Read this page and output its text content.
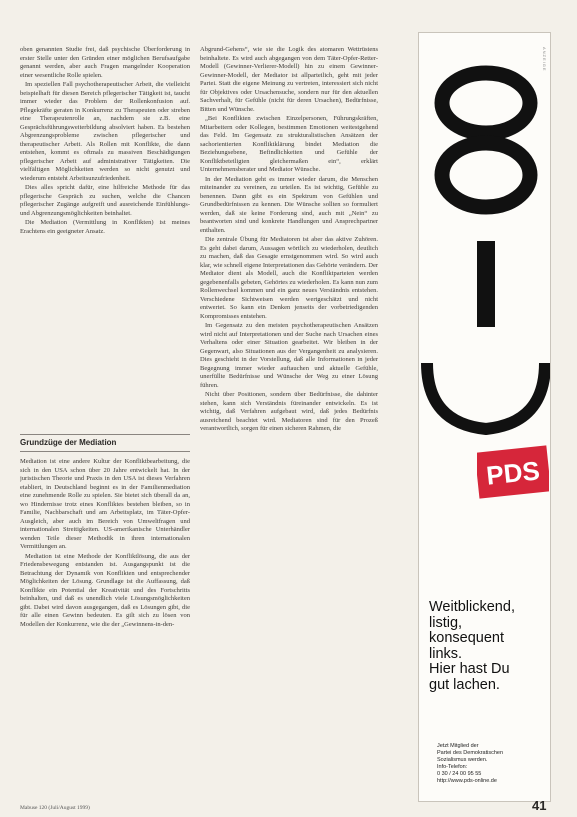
oben genannten Studie frei, daß psychische Überforderung in erster Stelle unter den Gründen einer möglichen Berufsaufgabe genannt werden, aber auch Fragen mangelnder Kooperation einer wesentliche Rolle spielen.

Im speziellen Fall psychotherapeutischer Arbeit, die vielleicht beispielhaft für diesen Bereich pflegerischer Tätigkeit ist, taucht immer wieder das Problem der Rollenkonfusion auf. Pflegekräfte geraten in Konkurrenz zu Therapeuten oder streben eine Therapeutenrolle an, nachdem sie z.B. eine Gesprächsführungsweiterbildung absolviert haben. Es bestehen Abgrenzungsprobleme zwischen pflegerischer und therapeutischer Arbeit. Als Rollen mit Konflikte, die dann entstehen, kommt es oftmals zu massiven Beschädigungen pflegerischer Arbeit auf administrativer Tätigkeiten. Die vielfältigen Möglichkeiten werden so nicht genutzt und wiederum entsteht Arbeitsunzufriedenheit.

Dies alles spricht dafür, eine hilfreiche Methode für das pflegerische Gespräch zu suchen, welche die Chancen pflegerischer Zugänge aufgreift und ausreichende Einfühlungs- und Abgrenzungsmöglichkeiten beinhaltet.

Die Mediation (Vermittlung in Konflikten) ist meines Erachtens ein geeigneter Ansatz.

Grundzüge der Mediation

Mediation ist eine andere Kultur der Konfliktbearbeitung, die sich in den USA schon über 20 Jahre entwickelt hat. In der juristischen Theorie und Praxis in den USA ist dieses Verfahren etabliert, in Deutschland beginnt es in der Familienmediation eine zunehmende Rolle zu spielen. Sie bietet sich überall da an, wo Hindernisse trotz eines Konfliktes bestehen bleiben, so in Familie, Nachbarschaft und am Arbeitsplatz, im Täter-Opfer-Ausgleich, aber auch im Bereich von Umweltfragen und internationalen Streitigkeiten. US-amerikanische Unterhändler wenden Teile dieser Methodik in ihren internationalen Vermittlungen an.

Mediation ist eine Methode der Konfliktlösung, die aus der Friedensbewegung entstanden ist. Ausgangspunkt ist die Betrachtung der Dynamik von Konflikten und entsprechender Möglichkeiten der Lösung. Grundlage ist die Auffassung, daß Konflikte ein Potential der Kreativität und des Fortschritts beinhalten, und daß es unendlich viele Lösungsmöglichkeiten gibt. Dabei wird davon ausgegangen, daß es Lösungen gibt, die für alle einen Gewinn bedeuten. Es gilt sich zu lösen von Modellen der Konkurrenz, wie die der „Gewinnens-in-den-

Abgrund-Gehens“, wie sie die Logik des atomaren Wettrüstens beinhaltete. Es wird auch abgegangen von dem Täter-Opfer-Retter-Modell (Gewinner-Verlierer-Modell) hin zu einem Gewinner-Gewinner-Modell, der Mediator ist allparteilich, geht mit jeder Partei. Statt die eigene Meinung zu vertreten, interessiert sich nicht für Objektives oder Ursachensuche, sondern nur für den aktuellen Sachverhalt, für Gefühle (nicht für deren Ursachen), Bedürfnisse, Bitten und Wünsche.

„Bei Konflikten zwischen Einzelpersonen, Führungskräften, Mitarbeitern oder Kollegen, bestimmen Emotionen weitestgehend das Feld. Im Gegensatz zu strukturalistischen Ansätzen der sachorientierten Konfliktklärung bindet Mediation die Beziehungsebene, Befindlichkeiten und Gefühle der Konfliktbeteiligten gleichermaßen ein“, erklärt Unternehmensberater und Mediator Wünsche.

In der Mediation geht es immer wieder darum, die Menschen miteinander zu vereinen, zu urteilen. Es ist wichtig, Gefühle zu benennen. Dann gibt es ein Spektrum von Gefühlen und Grundbedürfnissen zu kennen. Die Wünsche sollten so formuliert werden, daß sie keine Forderung sind, auch mit „Nein“ zu beantworten sind und konkrete Handlungen und Ansprechpartner enthalten.

Die zentrale Übung für Mediatoren ist aber das aktive Zuhören. Es geht dabei darum, Aussagen wörtlich zu wiederholen, deutlich zu machen, daß das Gesagte ernstgenommen wird. So wird auch klar, wie schnell eigene Interpretationen das Gehörte verändern. Der Mediator dient als Modell, auch die Konfliktparteien werden gegebenenfalls gebeten, Gehörtes zu wiederholen. Es kann nun zum Rollenwechsel kommen und ein ganz neues Verständnis entstehen. Verschiedene Sichtweisen werden wertgeschätzt und nicht entwertet. So kann ein Denken jenseits der vorbetriedigenden Kompromisses entstehen.

Im Gegensatz zu den meisten psychotherapeutischen Ansätzen wird nicht auf Interpretationen und der Suche nach Ursachen eines Verhaltens oder einer Situation gearbeitet. Wir bleiben in der Gegenwart, also Situationen aus der Vergangenheit zu analysieren. Dies geschieht in der Vorstellung, daß alle Informationen in jeder Begegnung immer wieder auftauchen und aktuelle Gefühle, unerfüllte Bedürfnisse und Wünsche der Weg zu einer Lösung führen.

Nicht über Positionen, sondern über Bedürfnisse, die dahinter stehen, kann sich Verständnis füreinander entwickeln. Es ist wichtig, daß Verfahren aufgebaut wird, daß jedes Bedürfnis ausreichend beachtet wird. Mediatoren sind für den Prozeß verantwortlich, sorgen für einen sicheren Rahmen, die

ANZEIGE
PDS
Weitblickend,
listig,
konsequent
links.
Hier hast Du
gut lachen.
Jetzt Mitglied der
Partei des Demokratischen
Sozialismus werden.
Info-Telefon:
0 30 / 24 00 95 55
http://www.pds-online.de
Mabuse 120 (Juli/August 1999)	41
